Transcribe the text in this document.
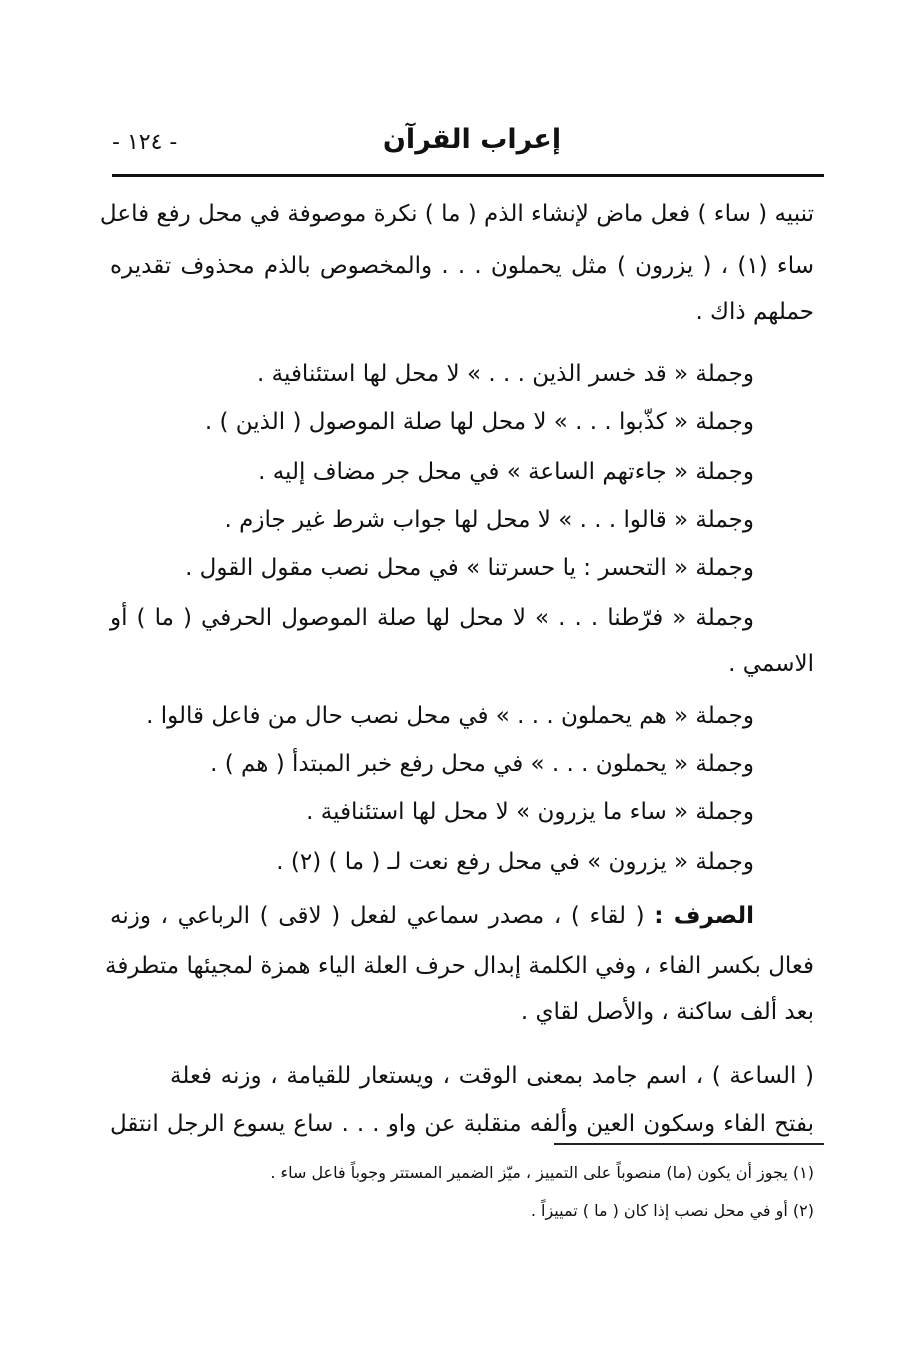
إعراب القرآن
- ١٢٤ -
تنبيه ( ساء ) فعل ماض لإنشاء الذم ( ما ) نكرة موصوفة في محل رفع فاعل
ساء (١) ، ( يزرون ) مثل يحملون . . . والمخصوص بالذم محذوف تقديره
حملهم ذاك .
وجملة « قد خسر الذين . . . » لا محل لها استئنافية .
وجملة « كذّبوا . . . » لا محل لها صلة الموصول ( الذين ) .
وجملة « جاءتهم الساعة » في محل جر مضاف إليه .
وجملة « قالوا . . . » لا محل لها جواب شرط غير جازم .
وجملة « التحسر : يا حسرتنا » في محل نصب مقول القول .
وجملة « فرّطنا . . . » لا محل لها صلة الموصول الحرفي ( ما ) أو
الاسمي .
وجملة « هم يحملون . . . » في محل نصب حال من فاعل قالوا .
وجملة « يحملون . . . » في محل رفع خبر المبتدأ ( هم ) .
وجملة « ساء ما يزرون » لا محل لها استئنافية .
وجملة « يزرون » في محل رفع نعت لـ ( ما ) (٢) .
الصرف : ( لقاء ) ، مصدر سماعي لفعل ( لاقى ) الرباعي ، وزنه
فعال بكسر الفاء ، وفي الكلمة إبدال حرف العلة الياء همزة لمجيئها متطرفة
بعد ألف ساكنة ، والأصل لقاي .
( الساعة ) ، اسم جامد بمعنى الوقت ، ويستعار للقيامة ، وزنه فعلة
بفتح الفاء وسكون العين وألفه منقلبة عن واو . . . ساع يسوع الرجل انتقل
(١) يجوز أن يكون (ما) منصوباً على التمييز ، ميّز الضمير المستتر وجوباً فاعل ساء .
(٢) أو في محل نصب إذا كان ( ما ) تمييزاً .
